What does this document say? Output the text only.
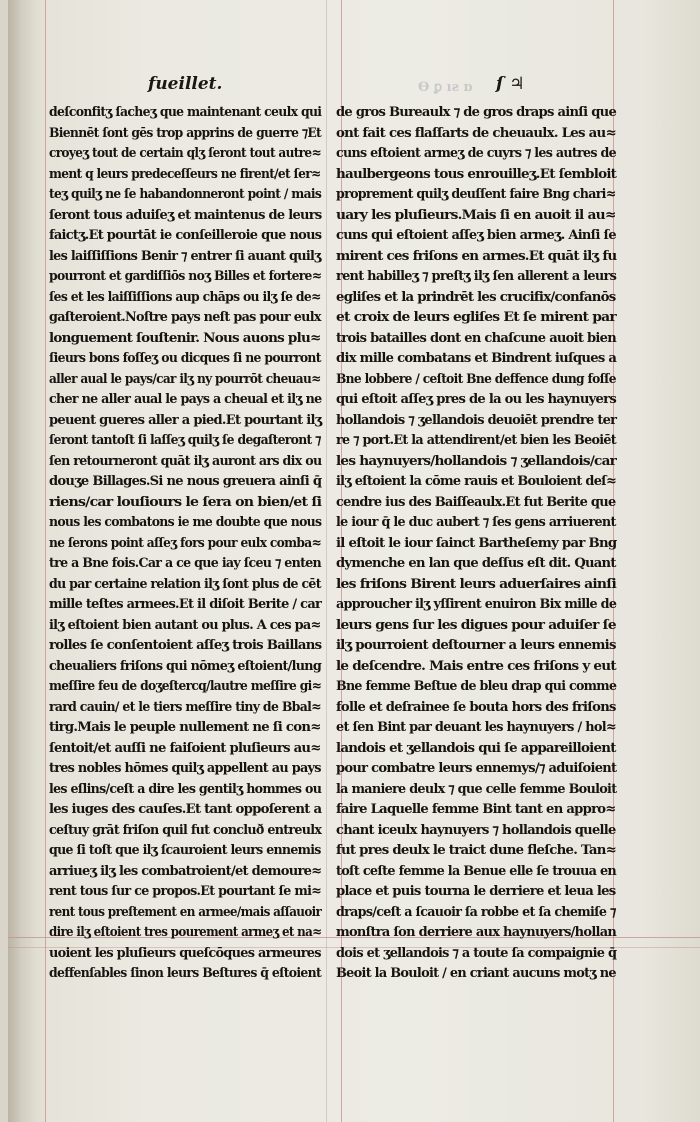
Ɵ ꝑ︎ ıƨ ɒ
fueillet.	ſ ♃
deſconfitʒ ſacheʒ que maintenant ceulx qui
Biennēt ſont gēs trop apprins de guerre ⁊Et
croyeʒ tout de certain qlʒ ſeront tout autre≈
ment q leurs predeceſſeurs ne firent/et ſer≈
teʒ quilʒ ne ſe habandonneront point / mais
ſeront tous aduiſeʒ et maintenus de leurs
faictʒ.Et pourtāt ie conſeilleroie que nous
les laiſſiſſions Benir ⁊ entrer ſi auant quilʒ
pourront et gardiſſiōs noʒ Billes et fortere≈
ſes et les laiſſiſſions aup chāps ou ilʒ ſe de≈
gaſteroient.Noſtre pays neſt pas pour eulx
longuement ſouſtenir. Nous auons plu≈
ſieurs bons foſſeʒ ou dicques ſi ne pourront
aller aual le pays/car ilʒ ny pourrōt cheuau≈
cher ne aller aual le pays a cheual et ilʒ ne
peuent gueres aller a pied.Et pourtant ilʒ
ſeront tantoſt ſi laſſeʒ quilʒ ſe degaſteront ⁊
ſen retourneront quāt ilʒ auront ars dix ou
douʒe Billages.Si ne nous greuera ainſi q̄
riens/car louſiours le ſera on bien/et ſi
nous les combatons ie me doubte que nous
ne ſerons point aſſeʒ fors pour eulx comba≈
tre a Bne fois.Car a ce que iay ſceu ⁊ enten
du par certaine relation ilʒ ſont plus de cēt
mille teſtes armees.Et il diſoit Berite / car
ilʒ eſtoient bien autant ou plus. A ces pa≈
rolles ſe conſentoient aſſeʒ trois Baillans
cheualiers friſons qui nōmeʒ eſtoient/lung
meſſire feu de doʒeſtercq/lautre meſſire gi≈
rard cauin/ et le tiers meſſire tiny de Bbal≈
tirg.Mais le peuple nullement ne ſi con≈
ſentoit/et auſſi ne faiſoient pluſieurs au≈
tres nobles hōmes quilʒ appellent au pays
les eſlins/ceſt a dire les gentilʒ hommes ou
les iuges des cauſes.Et tant oppoſerent a
ceſtuy grāt friſon quil fut concluð entreulx
que ſi toſt que ilʒ ſcauroient leurs ennemis
arriueʒ ilʒ les combatroient/et demoure≈
rent tous ſur ce propos.Et pourtant ſe mi≈
rent tous preſtement en armee/mais aſſauoir
dire ilʒ eſtoient tres pourement armeʒ et na≈
uoient les pluſieurs queſcōques armeures
deffenſables ſinon leurs Beſtures q̄ eſtoient
de gros Bureaulx ⁊ de gros draps ainſi que
ont fait ces flaſſarts de cheuaulx. Les au≈
cuns eſtoient armeʒ de cuyrs ⁊ les autres de
haulbergeons tous enrouilleʒ.Et ſembloit
proprement quilʒ deuſſent faire Bng chari≈
uary les pluſieurs.Mais ſi en auoit il au≈
cuns qui eſtoient aſſeʒ bien armeʒ. Ainſi ſe
mirent ces friſons en armes.Et quāt ilʒ fu
rent habilleʒ ⁊ preſtʒ ilʒ ſen allerent a leurs
egliſes et la prindrēt les crucifix/confanōs
et croix de leurs egliſes Et ſe mirent par
trois batailles dont en chaſcune auoit bien
dix mille combatans et Bindrent iuſques a
Bne lobbere / ceſtoit Bne deffence dung foſſe
qui eſtoit aſſeʒ pres de la ou les haynuyers
hollandois ⁊ ʒellandois deuoiēt prendre ter
re ⁊ port.Et la attendirent/et bien les Beoiēt
les haynuyers/hollandois ⁊ ʒellandois/car
ilʒ eſtoient la cōme rauis et Bouloient deſ≈
cendre ius des Baiſſeaulx.Et fut Berite que
le iour q̄ le duc aubert ⁊ ſes gens arriuerent
il eſtoit le iour ſainct Bartheſemy par Bng
dymenche en lan que deſſus eſt dit. Quant
les friſons Birent leurs aduerſaires ainſi
approucher ilʒ yſſirent enuiron Bix mille de
leurs gens ſur les digues pour aduiſer ſe
ilʒ pourroient deſtourner a leurs ennemis
le deſcendre. Mais entre ces friſons y eut
Bne femme Beſtue de bleu drap qui comme
folle et deſrainee ſe bouta hors des friſons
et ſen Bint par deuant les haynuyers / hol≈
landois et ʒellandois qui ſe appareilloient
pour combatre leurs ennemys/⁊ aduiſoient
la maniere deulx ⁊ que celle femme Bouloit
faire Laquelle femme Bint tant en appro≈
chant iceulx haynuyers ⁊ hollandois quelle
fut pres deulx le traict dune fleſche. Tan≈
toſt ceſte femme la Benue elle ſe trouua en
place et puis tourna le derriere et leua les
draps/ceſt a ſcauoir ſa robbe et ſa chemiſe ⁊
monſtra ſon derriere aux haynuyers/hollan
dois et ʒellandois ⁊ a toute ſa compaignie q̄
Beoit la Bouloit / en criant aucuns motʒ ne
